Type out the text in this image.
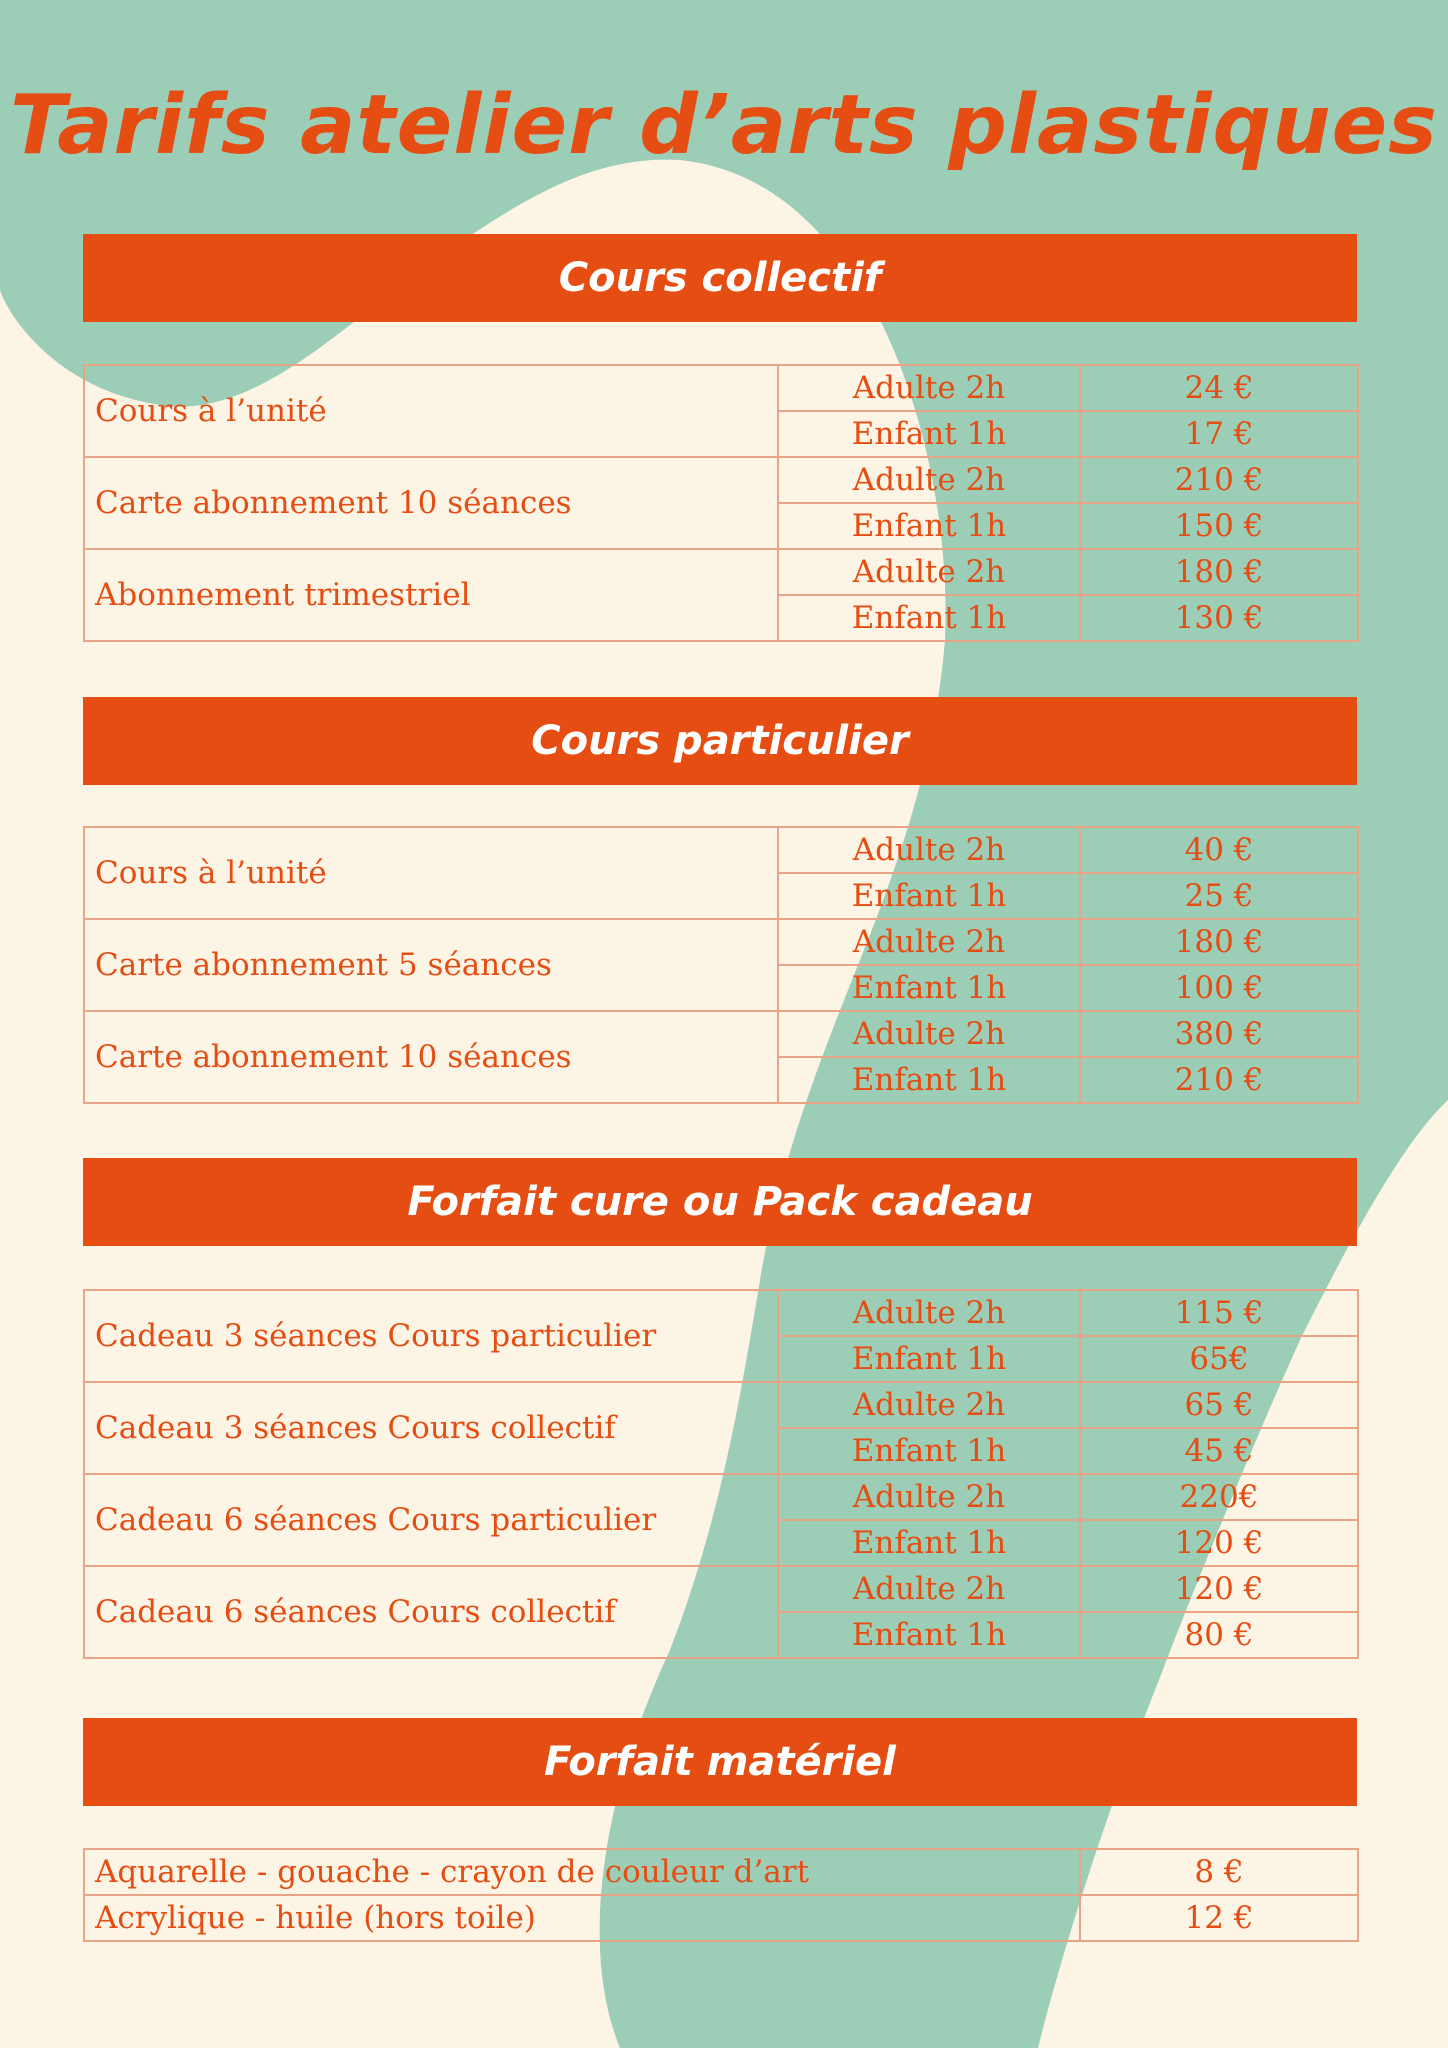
Tarifs atelier d’arts plastiques
Cours collectif
Cours à l’unité	Adulte 2h	24 €
	Enfant 1h	17 €
Carte abonnement 10 séances	Adulte 2h	210 €
	Enfant 1h	150 €
Abonnement trimestriel	Adulte 2h	180 €
	Enfant 1h	130 €
Cours particulier
Cours à l’unité	Adulte 2h	40 €
	Enfant 1h	25 €
Carte abonnement 5 séances	Adulte 2h	180 €
	Enfant 1h	100 €
Carte abonnement 10 séances	Adulte 2h	380 €
	Enfant 1h	210 €
Forfait cure ou Pack cadeau
Cadeau 3 séances Cours particulier	Adulte 2h	115 €
	Enfant 1h	65€
Cadeau 3 séances Cours collectif	Adulte 2h	65 €
	Enfant 1h	45 €
Cadeau 6 séances Cours particulier	Adulte 2h	220€
	Enfant 1h	120 €
Cadeau 6 séances Cours collectif	Adulte 2h	120 €
	Enfant 1h	80 €
Forfait matériel
Aquarelle - gouache - crayon de couleur d’art	8 €
Acrylique - huile (hors toile)	12 €
